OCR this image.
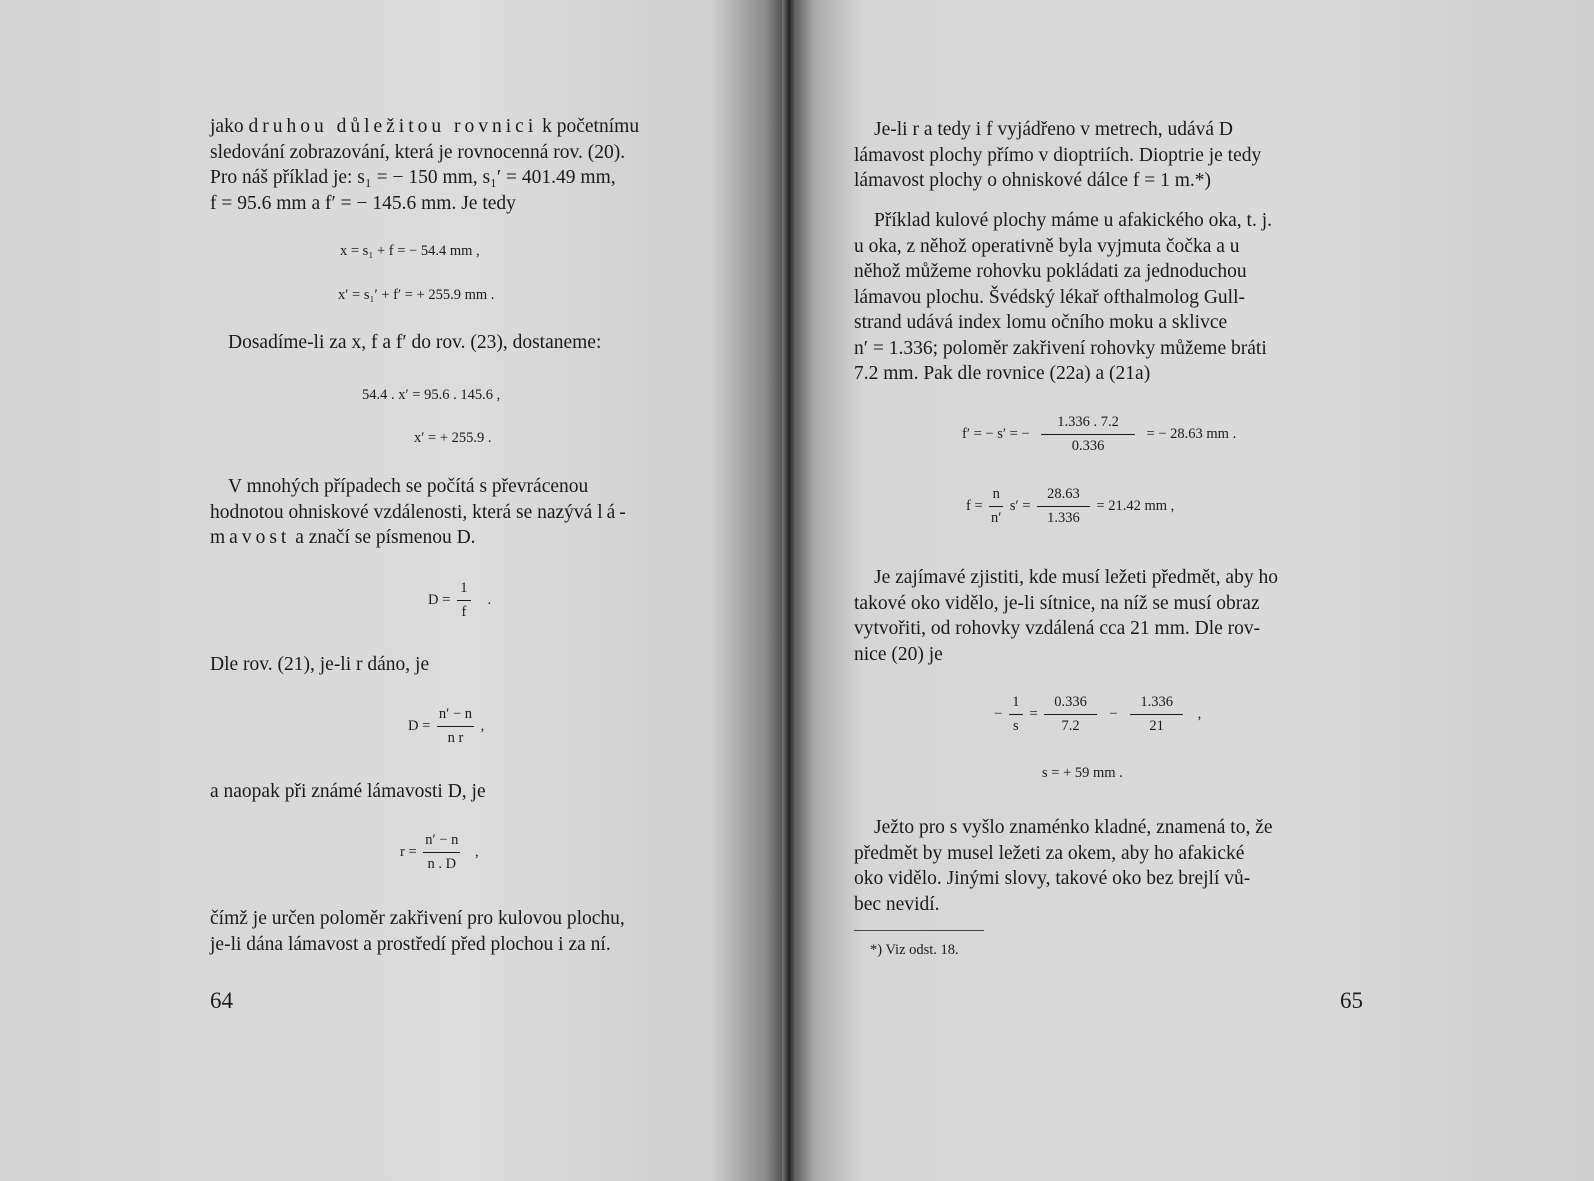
jako druhou důležitou rovnici k početnímu
sledování zobrazování, která je rovnocenná rov. (20).
Pro náš příklad je: s₁ = − 150 mm, s₁′ = 401.49 mm,
f = 95.6 mm a f′ = − 145.6 mm. Je tedy
x = s₁ + f = − 54.4 mm ,
x′ = s₁′ + f′ = + 255.9 mm .
Dosadíme-li za x, f a f′ do rov. (23), dostaneme:
54.4 . x′ = 95.6 . 145.6 ,
x′ = + 255.9 .
V mnohých případech se počítá s převrácenou
hodnotou ohniskové vzdálenosti, která se nazývá lá-
mavost a značí se písmenou D.
$D = \frac{1}{f}$ .
Dle rov. (21), je-li r dáno, je
$D = \frac{n' - n}{\text{n r}}$ ,
a naopak při známé lámavosti D, je
$r = \frac{n' - n}{n . D}$ ,
čímž je určen poloměr zakřivení pro kulovou plochu,
je-li dána lámavost a prostředí před plochou i za ní.
64
Je-li r a tedy i f vyjádřeno v metrech, udává D
lámavost plochy přímo v dioptriích. Dioptrie je tedy
lámavost plochy o ohniskové dálce f = 1 m.*)
Příklad kulové plochy máme u afakického oka, t. j.
u oka, z něhož operativně byla vyjmuta čočka a u
něhož můžeme rohovku pokládati za jednoduchou
lámavou plochu. Švédský lékař ofthalmolog Gull-
strand udává index lomu očního moku a sklivce
n′ = 1.336; poloměr zakřivení rohovky můžeme bráti
7.2 mm. Pak dle rovnice (22a) a (21a)
f′ = − s′ = − $\frac{1.336 . 7.2}{0.336}$ = − 28.63 mm .
$f = \frac{n}{n'} s' = \frac{28.63}{1.336} = 21.42$ mm ,
Je zajímavé zjistiti, kde musí ležeti předmět, aby ho
takové oko vidělo, je-li sítnice, na níž se musí obraz
vytvořiti, od rohovky vzdálená cca 21 mm. Dle rov-
nice (20) je
− $\frac{1}{s} = \frac{0.336}{7.2} - \frac{1.336}{21}$ ,
s = + 59 mm .
Ježto pro s vyšlo znaménko kladné, znamená to, že
předmět by musel ležeti za okem, aby ho afakické
oko vidělo. Jinými slovy, takové oko bez brejlí vů-
bec nevidí.
*) Viz odst. 18.
65
